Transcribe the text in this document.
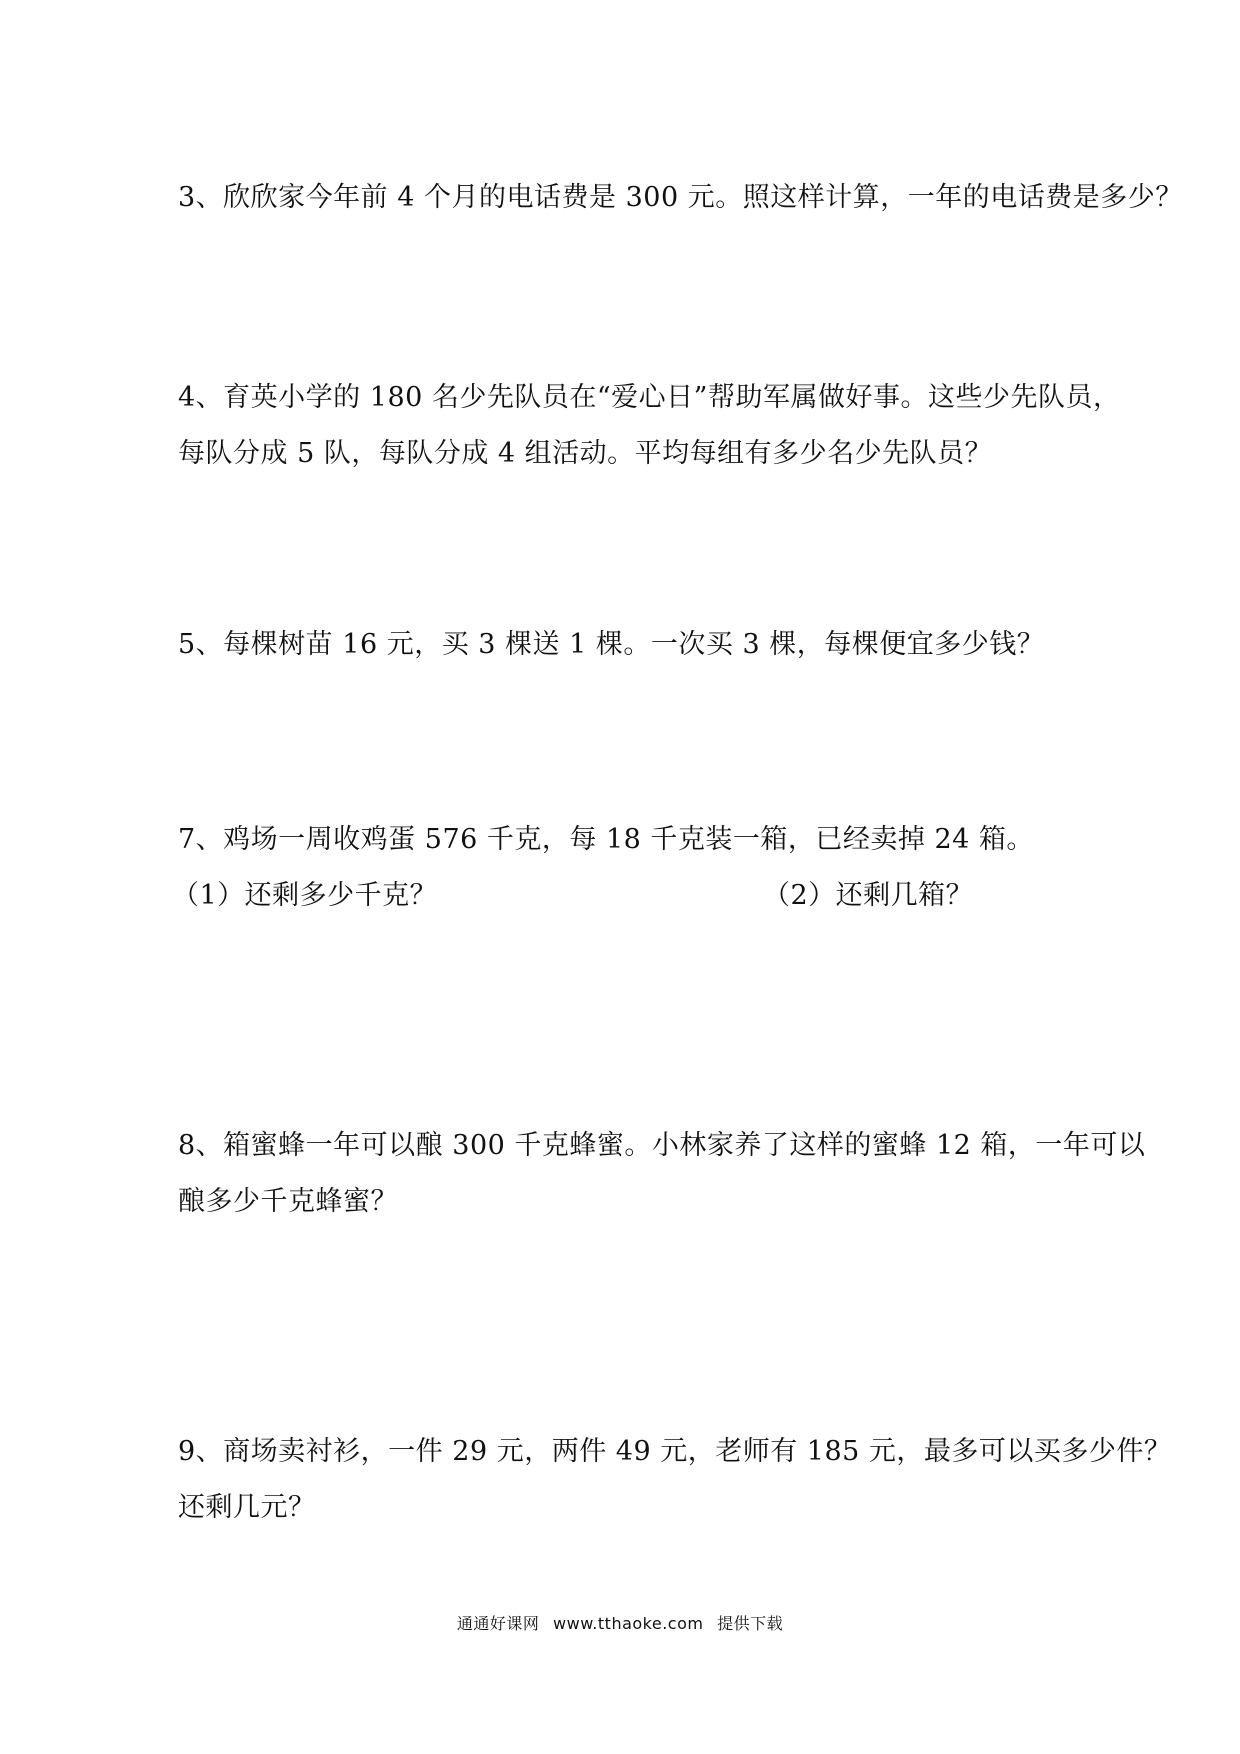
3、欣欣家今年前 4 个月的电话费是 300 元。照这样计算，一年的电话费是多少？
4、育英小学的 180 名少先队员在“爱心日”帮助军属做好事。这些少先队员，
每队分成 5 队，每队分成 4 组活动。平均每组有多少名少先队员？
5、每棵树苗 16 元，买 3 棵送 1 棵。一次买 3 棵，每棵便宜多少钱？
7、鸡场一周收鸡蛋 576 千克，每 18 千克装一箱，已经卖掉 24 箱。
（1）还剩多少千克？	（2）还剩几箱？
8、箱蜜蜂一年可以酿 300 千克蜂蜜。小林家养了这样的蜜蜂 12 箱，一年可以
酿多少千克蜂蜜？
9、商场卖衬衫，一件 29 元，两件 49 元，老师有 185 元，最多可以买多少件？
还剩几元？
通通好课网 www.tthaoke.com 提供下载
